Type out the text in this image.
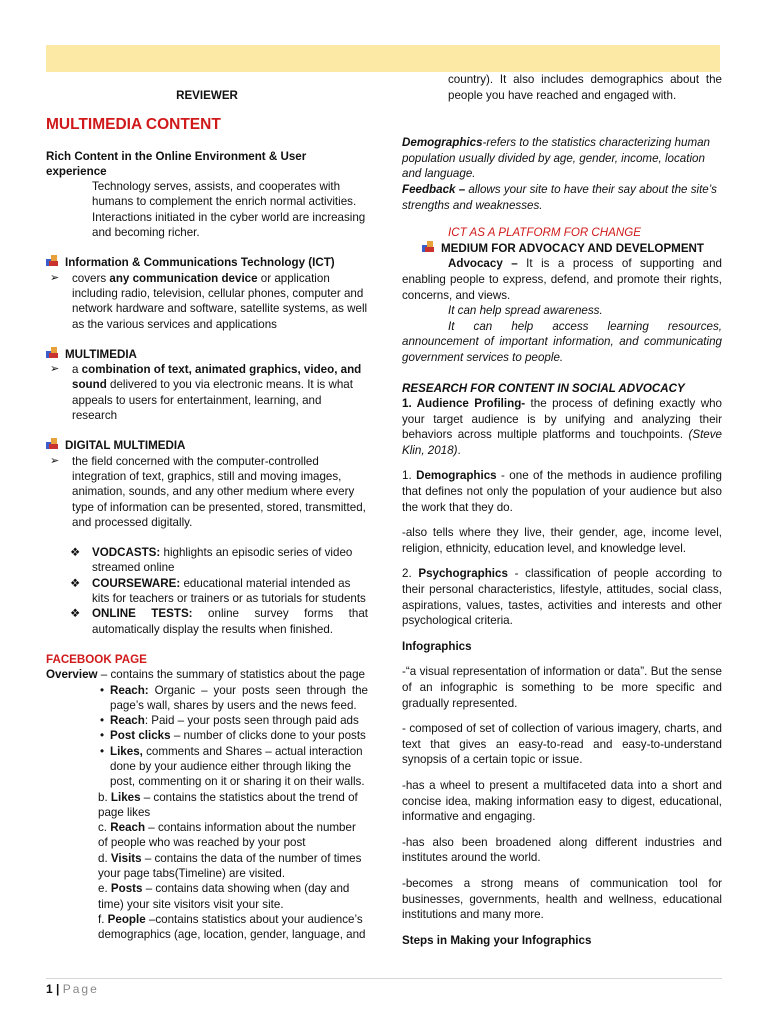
REVIEWER
MULTIMEDIA CONTENT
Rich Content in the Online Environment & User experience
Technology serves, assists, and cooperates with humans to complement the enrich normal activities. Interactions initiated in the cyber world are increasing and becoming richer.
Information & Communications Technology (ICT)
➢	covers any communication device or application including radio, television, cellular phones, computer and network hardware and software, satellite systems, as well as the various services and applications
MULTIMEDIA
➢	a combination of text, animated graphics, video, and sound delivered to you via electronic means. It is what appeals to users for entertainment, learning, and research
DIGITAL MULTIMEDIA
➢	the field concerned with the computer-controlled integration of text, graphics, still and moving images, animation, sounds, and any other medium where every type of information can be presented, stored, transmitted, and processed digitally.
❖ VODCASTS: highlights an episodic series of video streamed online
❖ COURSEWARE: educational material intended as kits for teachers or trainers or as tutorials for students
❖ ONLINE TESTS: online survey forms that automatically display the results when finished.
FACEBOOK PAGE
Overview – contains the summary of statistics about the page
• Reach: Organic – your posts seen through the page’s wall, shares by users and the news feed.
• Reach: Paid – your posts seen through paid ads
• Post clicks – number of clicks done to your posts
• Likes, comments and Shares – actual interaction done by your audience either through liking the post, commenting on it or sharing it on their walls.
b. Likes – contains the statistics about the trend of page likes
c. Reach – contains information about the number of people who was reached by your post
d. Visits – contains the data of the number of times your page tabs(Timeline) are visited.
e. Posts – contains data showing when (day and time) your site visitors visit your site.
f. People –contains statistics about your audience’s demographics (age, location, gender, language, and
country). It also includes demographics about the people you have reached and engaged with.
Demographics-refers to the statistics characterizing human population usually divided by age, gender, income, location and language.
Feedback – allows your site to have their say about the site’s strengths and weaknesses.
ICT AS A PLATFORM FOR CHANGE
MEDIUM FOR ADVOCACY AND DEVELOPMENT
Advocacy – It is a process of supporting and enabling people to express, defend, and promote their rights, concerns, and views.
It can help spread awareness.
It can help access learning resources, announcement of important information, and communicating government services to people.
RESEARCH FOR CONTENT IN SOCIAL ADVOCACY
1. Audience Profiling- the process of defining exactly who your target audience is by unifying and analyzing their behaviors across multiple platforms and touchpoints. (Steve Klin, 2018).
1. Demographics - one of the methods in audience profiling that defines not only the population of your audience but also the work that they do.
-also tells where they live, their gender, age, income level, religion, ethnicity, education level, and knowledge level.
2. Psychographics - classification of people according to their personal characteristics, lifestyle, attitudes, social class, aspirations, values, tastes, activities and interests and other psychological criteria.
Infographics
-“a visual representation of information or data”. But the sense of an infographic is something to be more specific and gradually represented.
- composed of set of collection of various imagery, charts, and text that gives an easy-to-read and easy-to-understand synopsis of a certain topic or issue.
-has a wheel to present a multifaceted data into a short and concise idea, making information easy to digest, educational, informative and engaging.
-has also been broadened along different industries and institutes around the world.
-becomes a strong means of communication tool for businesses, governments, health and wellness, educational institutions and many more.
Steps in Making your Infographics
1 | Page
